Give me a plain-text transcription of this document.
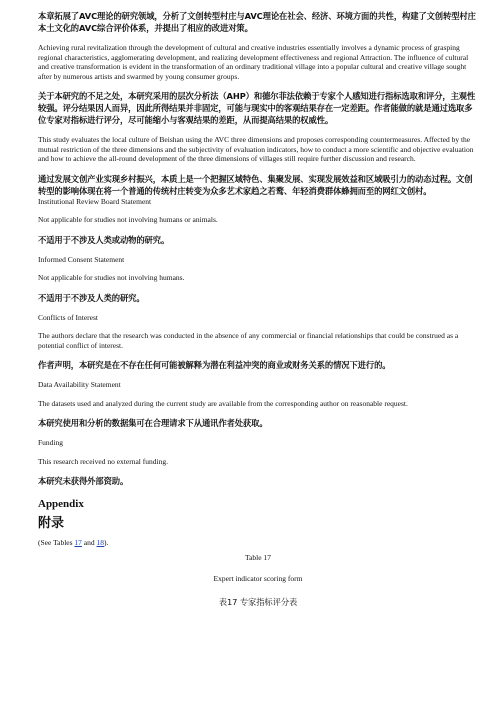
本章拓展了AVC理论的研究领域，分析了文创转型村庄与AVC理论在社会、经济、环境方面的共性，构建了文创转型村庄本土文化的AVC综合评价体系，并提出了相应的改进对策。

Achieving rural revitalization through the development of cultural and creative industries essentially involves a dynamic process of grasping regional characteristics, agglomerating development, and realizing development effectiveness and regional Attraction. The influence of cultural and creative transformation is evident in the transformation of an ordinary traditional village into a popular cultural and creative village sought after by numerous artists and swarmed by young consumer groups.

关于本研究的不足之处，本研究采用的层次分析法（AHP）和德尔菲法依赖于专家个人感知进行指标选取和评分，主观性较强。评分结果因人而异，因此所得结果并非固定，可能与现实中的客观结果存在一定差距。作者能做的就是通过选取多位专家对指标进行评分，尽可能缩小与客观结果的差距，从而提高结果的权威性。

This study evaluates the local culture of Beishan using the AVC three dimensions and proposes corresponding countermeasures. Affected by the mutual restriction of the three dimensions and the subjectivity of evaluation indicators, how to conduct a more scientific and objective evaluation and how to achieve the all-round development of the three dimensions of villages still require further discussion and research.

通过发展文创产业实现乡村振兴，本质上是一个把握区域特色、集聚发展、实现发展效益和区域吸引力的动态过程。文创转型的影响体现在将一个普通的传统村庄转变为众多艺术家趋之若鹜、年轻消费群体蜂拥而至的网红文创村。

Institutional Review Board Statement

Not applicable for studies not involving humans or animals.

不适用于不涉及人类或动物的研究。

Informed Consent Statement

Not applicable for studies not involving humans.

不适用于不涉及人类的研究。

Conflicts of Interest

The authors declare that the research was conducted in the absence of any commercial or financial relationships that could be construed as a potential conflict of interest.

作者声明，本研究是在不存在任何可能被解释为潜在利益冲突的商业或财务关系的情况下进行的。

Data Availability Statement

The datasets used and analyzed during the current study are available from the corresponding author on reasonable request.

本研究使用和分析的数据集可在合理请求下从通讯作者处获取。

Funding

This research received no external funding.

本研究未获得外部资助。

Appendix
附录

(See Tables 17 and 18).

Table 17

Expert indicator scoring form

表17 专家指标评分表
